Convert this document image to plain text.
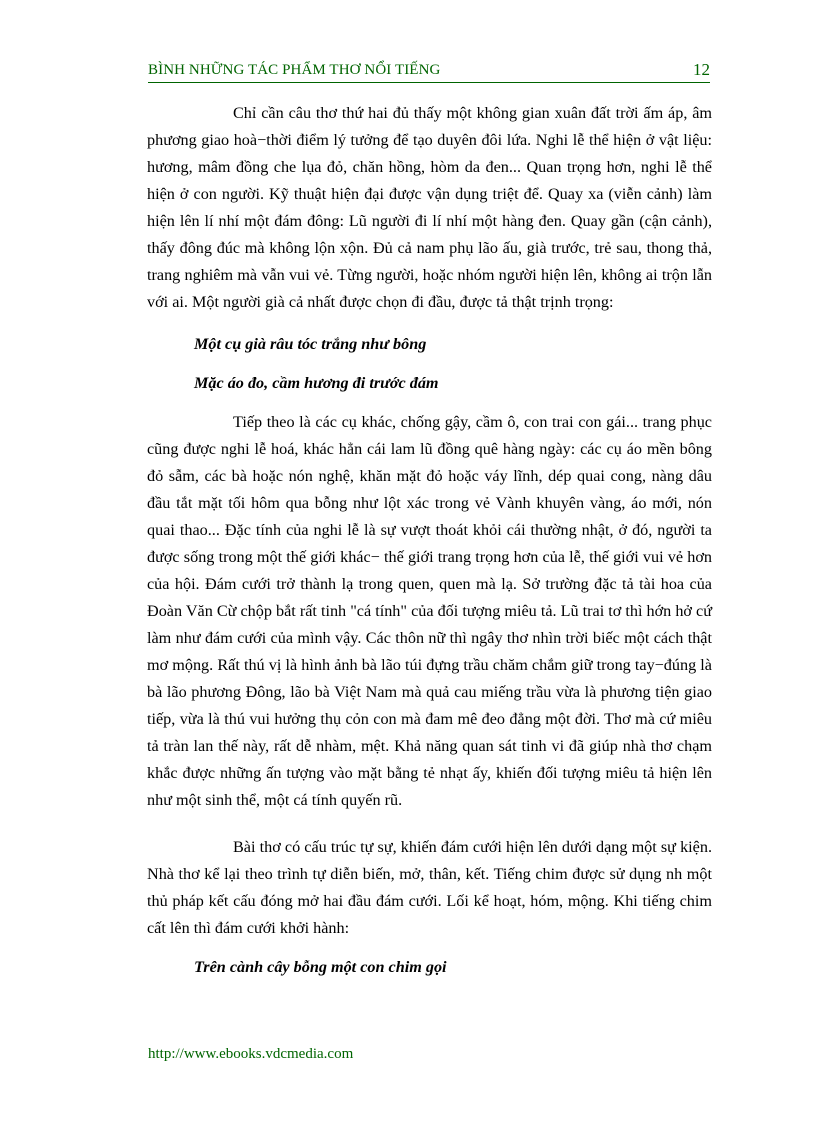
BÌNH NHỮNG TÁC PHẨM THƠ NỔI TIẾNG	12

Chỉ cần câu thơ thứ hai đủ thấy một không gian xuân đất trời ấm áp, âm phương giao hoà−thời điểm lý tưởng để tạo duyên đôi lứa. Nghi lễ thể hiện ở vật liệu: hương, mâm đồng che lụa đỏ, chăn hồng, hòm da đen... Quan trọng hơn, nghi lễ thể hiện ở con người. Kỹ thuật hiện đại được vận dụng triệt để. Quay xa (viễn cảnh) làm hiện lên lí nhí một đám đông: Lũ người đi lí nhí một hàng đen. Quay gần (cận cảnh), thấy đông đúc mà không lộn xộn. Đủ cả nam phụ lão ấu, già trước, trẻ sau, thong thả, trang nghiêm mà vẫn vui vẻ. Từng người, hoặc nhóm người hiện lên, không ai trộn lẫn với ai. Một người già cả nhất được chọn đi đầu, được tả thật trịnh trọng:

Một cụ già râu tóc trắng như bông

Mặc áo đo, cầm hương đi trước đám

Tiếp theo là các cụ khác, chống gậy, cầm ô, con trai con gái... trang phục cũng được nghi lễ hoá, khác hẳn cái lam lũ đồng quê hàng ngày: các cụ áo mền bông đỏ sẫm, các bà hoặc nón nghệ, khăn mặt đỏ hoặc váy lĩnh, dép quai cong, nàng dâu đầu tắt mặt tối hôm qua bỗng như lột xác trong vẻ Vành khuyên vàng, áo mới, nón quai thao... Đặc tính của nghi lễ là sự vượt thoát khỏi cái thường nhật, ở đó, người ta được sống trong một thế giới khác− thế giới trang trọng hơn của lễ, thế giới vui vẻ hơn của hội. Đám cưới trở thành lạ trong quen, quen mà lạ. Sở trường đặc tả tài hoa của Đoàn Văn Cừ chộp bắt rất tinh "cá tính" của đối tượng miêu tả. Lũ trai tơ thì hớn hở cứ làm như đám cưới của mình vậy. Các thôn nữ thì ngây thơ nhìn trời biếc một cách thật mơ mộng. Rất thú vị là hình ảnh bà lão túi đựng trầu chăm chắm giữ trong tay−đúng là bà lão phương Đông, lão bà Việt Nam mà quả cau miếng trầu vừa là phương tiện giao tiếp, vừa là thú vui hưởng thụ cỏn con mà đam mê đeo đẳng một đời. Thơ mà cứ miêu tả tràn lan thế này, rất dễ nhàm, mệt. Khả năng quan sát tinh vi đã giúp nhà thơ chạm khắc được những ấn tượng vào mặt bằng tẻ nhạt ấy, khiến đối tượng miêu tả hiện lên như một sinh thể, một cá tính quyến rũ.

Bài thơ có cấu trúc tự sự, khiến đám cưới hiện lên dưới dạng một sự kiện. Nhà thơ kể lại theo trình tự diễn biến, mở, thân, kết. Tiếng chim được sử dụng nh một thủ pháp kết cấu đóng mở hai đầu đám cưới. Lối kể hoạt, hóm, mộng. Khi tiếng chim cất lên thì đám cưới khởi hành:

Trên cành cây bỗng một con chim gọi

http://www.ebooks.vdcmedia.com
